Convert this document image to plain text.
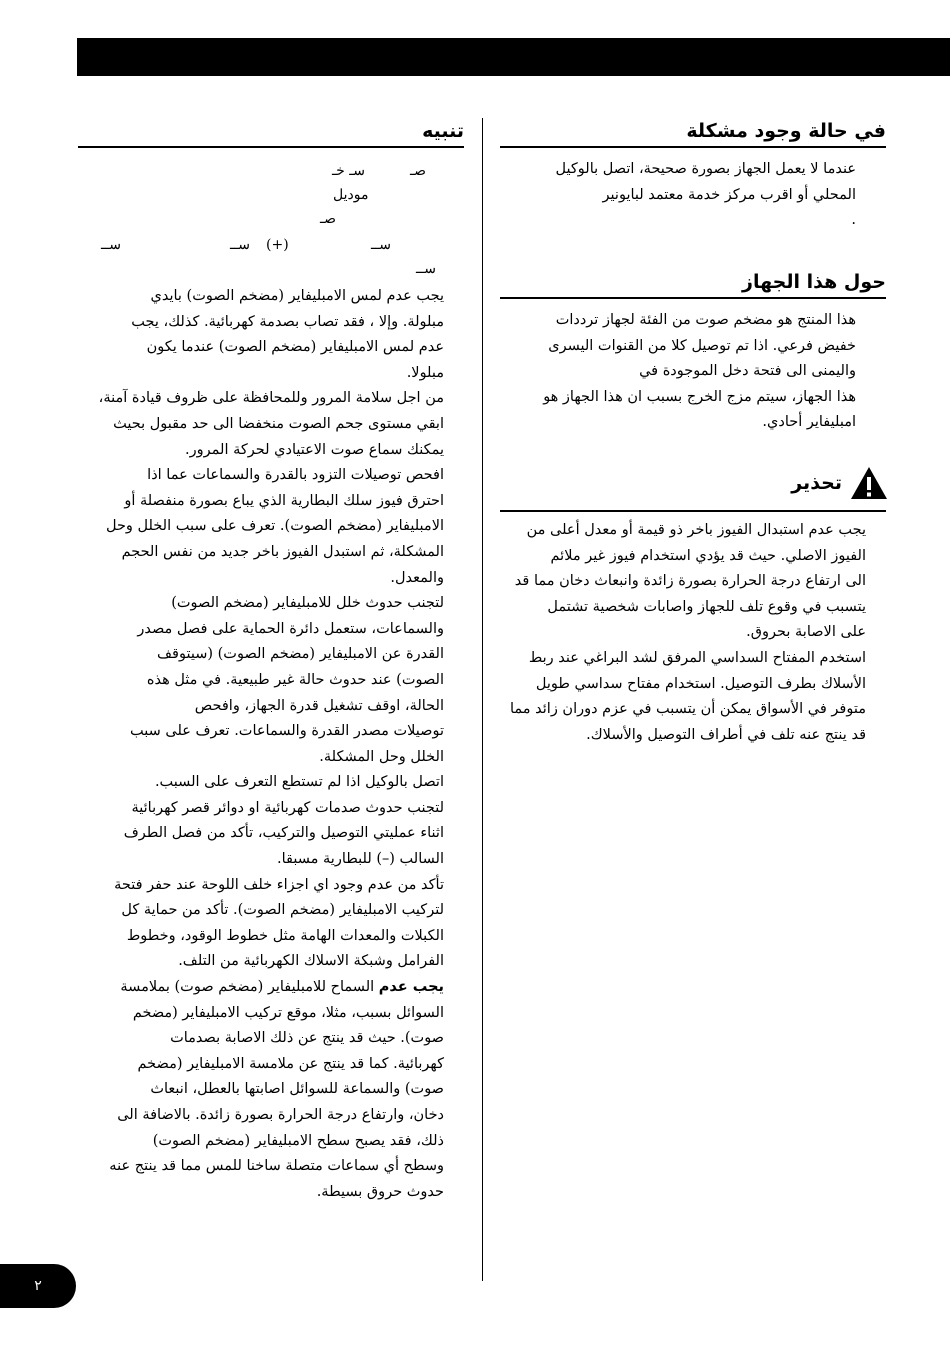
في حالة وجود مشكلة

عندما لا يعمل الجهاز بصورة صحيحة، اتصل بالوكيل

المحلي أو اقرب مركز خدمة معتمد لبايونير

.

حول هذا الجهاز

هذا المنتج هو مضخم صوت من الفئة لجهاز ترددات

خفيض فرعي. اذا تم توصيل كلا من القنوات اليسرى

واليمنى الى فتحة دخل الموجودة في

هذا الجهاز، سيتم مزج الخرج بسبب ان هذا الجهاز هو

امبليفاير أحادي.

تحذير

يجب عدم استبدال الفيوز باخر ذو قيمة أو معدل أعلى من

الفيوز الاصلي. حيث قد يؤدي استخدام فيوز غير ملائم

الى ارتفاع درجة الحرارة بصورة زائدة وانبعاث دخان مما قد

يتسبب في وقوع تلف للجهاز واصابات شخصية تشتمل

على الاصابة بحروق.

استخدم المفتاح السداسي المرفق لشد البراغي عند ربط

الأسلاك بطرف التوصيل. استخدام مفتاح سداسي طويل

متوفر في الأسواق يمكن أن يتسبب في عزم دوران زائد مما

قد ينتج عنه تلف في أطراف التوصيل والأسلاك.

تنبيه
صـ
سـ خـ
موديل
صـ
(+)	ســ
ســ
ســ
ســ

يجب عدم لمس الامبليفاير (مضخم الصوت) بايدي

مبلولة. وإلا ، فقد تصاب بصدمة كهربائية. كذلك، يجب

عدم لمس الامبليفاير (مضخم الصوت) عندما يكون

مبلولا.

من اجل سلامة المرور وللمحافظة على ظروف قيادة آمنة،

ابقي مستوى جحم الصوت منخفضا الى حد مقبول بحيث

يمكنك سماع صوت الاعتيادي لحركة المرور.

افحص توصيلات التزود بالقدرة والسماعات عما اذا

احترق فيوز سلك البطارية الذي يباع بصورة منفصلة أو

الامبليفاير (مضخم الصوت). تعرف على سبب الخلل وحل

المشكلة، ثم استبدل الفيوز باخر جديد من نفس الحجم

والمعدل.

لتجنب حدوث خلل للامبليفاير (مضخم الصوت)

والسماعات، ستعمل دائرة الحماية على فصل مصدر

القدرة عن الامبليفاير (مضخم الصوت) (سيتوقف

الصوت) عند حدوث حالة غير طبيعية. في مثل هذه

الحالة، اوقف تشغيل قدرة الجهاز، وافحص

توصيلات مصدر القدرة والسماعات. تعرف على سبب

الخلل وحل المشكلة.

اتصل بالوكيل اذا لم تستطع التعرف على السبب.

لتجنب حدوث صدمات كهربائية او دوائر قصر كهربائية

اثناء عمليتي التوصيل والتركيب، تأكد من فصل الطرف

السالب (–) للبطارية مسبقا.

تأكد من عدم وجود اي اجزاء خلف اللوحة عند حفر فتحة

لتركيب الامبليفاير (مضخم الصوت). تأكد من حماية كل

الكبلات والمعدات الهامة مثل خطوط الوقود، وخطوط

الفرامل وشبكة الاسلاك الكهربائية من التلف.

يجب عدم السماح للامبليفاير (مضخم صوت) بملامسة

السوائل بسبب، مثلا، موقع تركيب الامبليفاير (مضخم

صوت). حيث قد ينتج عن ذلك الاصابة بصدمات

كهربائية. كما قد ينتج عن ملامسة الامبليفاير (مضخم

صوت) والسماعة للسوائل اصابتها بالعطل، انبعاث

دخان، وارتفاع درجة الحرارة بصورة زائدة. بالاضافة الى

ذلك، فقد يصبح سطح الامبليفاير (مضخم الصوت)

وسطح أي سماعات متصلة ساخنا للمس مما قد ينتج عنه

حدوث حروق بسيطة.

٢
